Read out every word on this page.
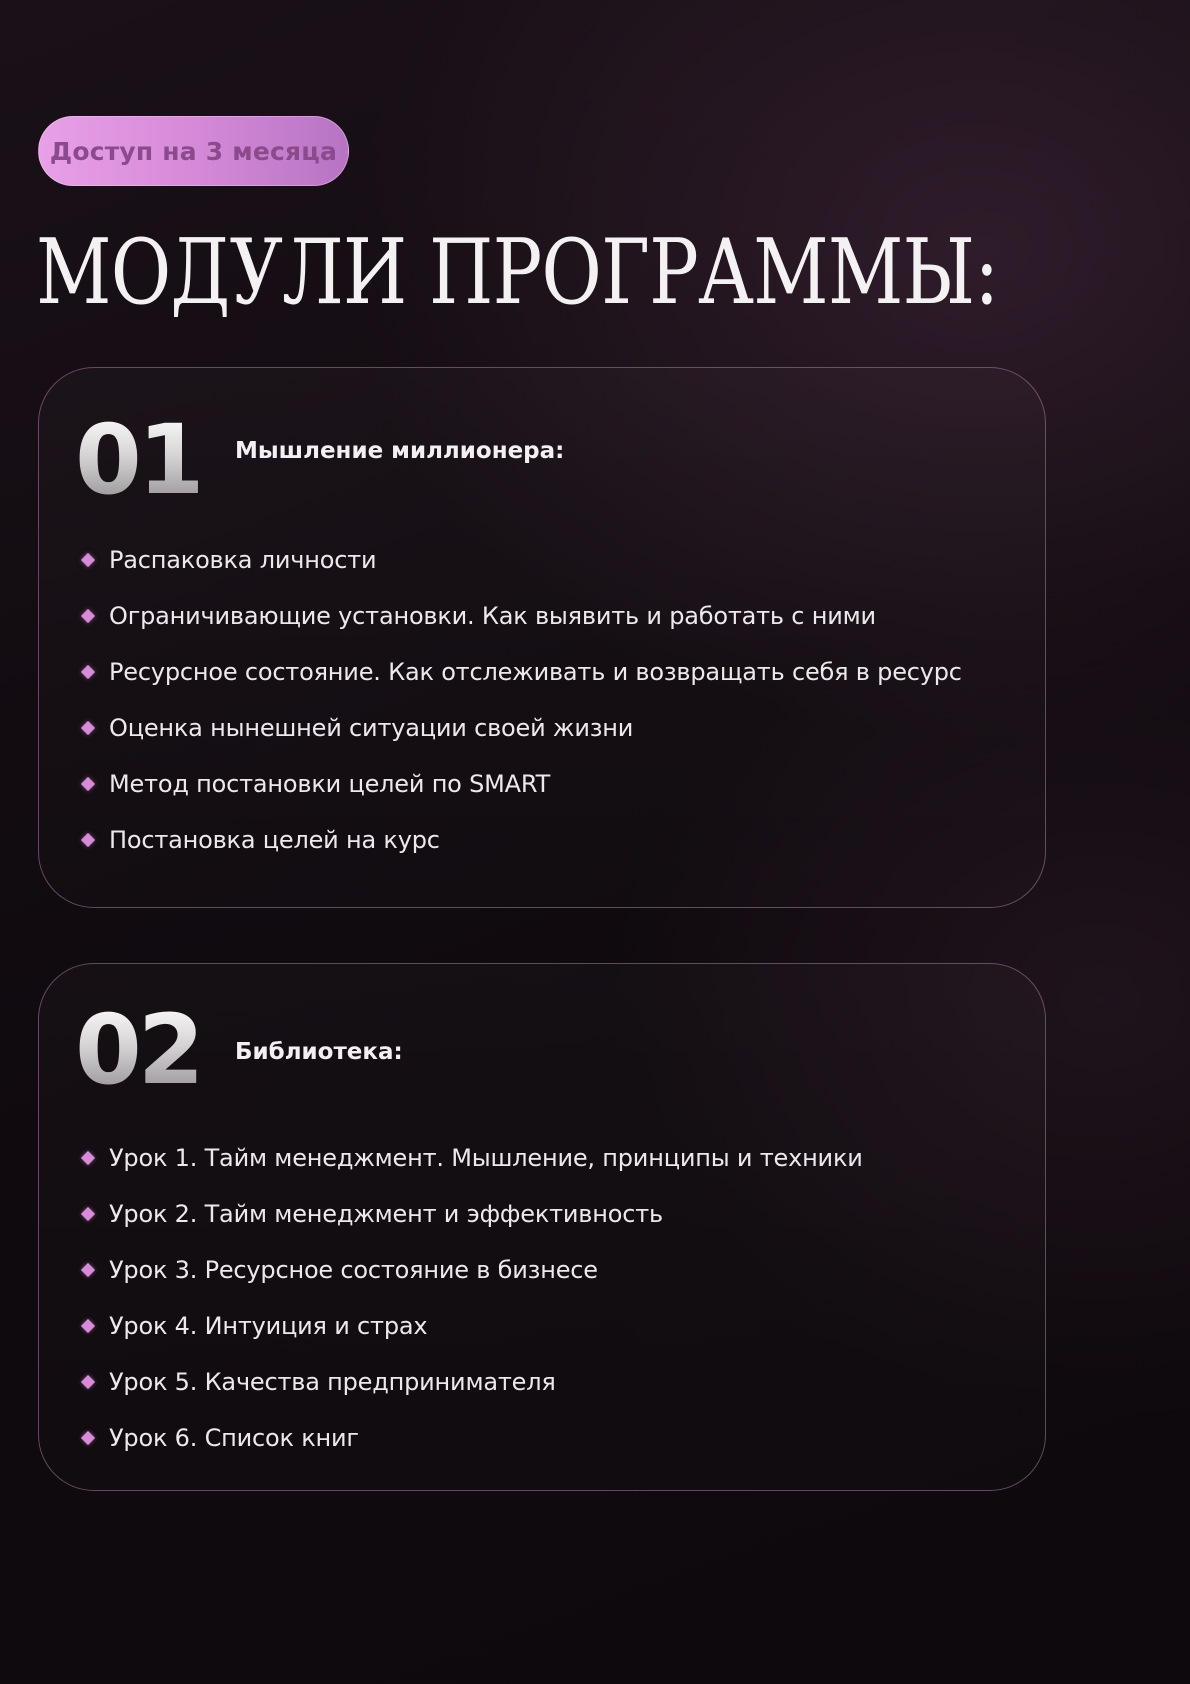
Доступ на 3 месяца
МОДУЛИ ПРОГРАММЫ:
01 Мышление миллионера:
Распаковка личности
Ограничивающие установки. Как выявить и работать с ними
Ресурсное состояние. Как отслеживать и возвращать себя в ресурс
Оценка нынешней ситуации своей жизни
Метод постановки целей по SMART
Постановка целей на курс
02 Библиотека:
Урок 1. Тайм менеджмент. Мышление, принципы и техники
Урок 2. Тайм менеджмент и эффективность
Урок 3. Ресурсное состояние в бизнесе
Урок 4. Интуиция и страх
Урок 5. Качества предпринимателя
Урок 6. Список книг
